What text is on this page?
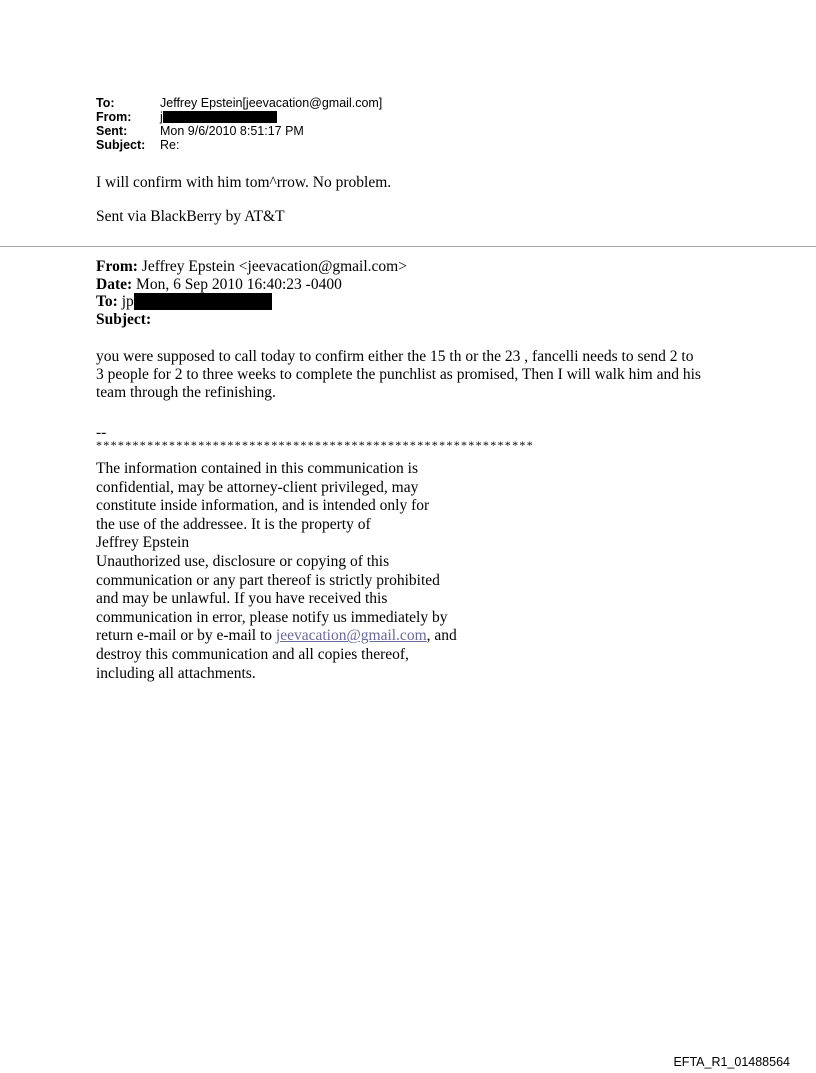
To:	Jeffrey Epstein[jeevacation@gmail.com]
From:	j
Sent:	Mon 9/6/2010 8:51:17 PM
Subject:	Re:

I will confirm with him tom^rrow. No problem.

Sent via BlackBerry by AT&T

From: Jeffrey Epstein <jeevacation@gmail.com>
Date: Mon, 6 Sep 2010 16:40:23 -0400
To: jp
Subject:
you were supposed to call today to confirm either the 15 th or the 23 , fancelli needs to send 2 to
3 people for 2 to three weeks to complete the punchlist as promised, Then I will walk him and his
team through the refinishing.
--
************************************************************
The information contained in this communication is
confidential, may be attorney-client privileged, may
constitute inside information, and is intended only for
the use of the addressee. It is the property of
Jeffrey Epstein
Unauthorized use, disclosure or copying of this
communication or any part thereof is strictly prohibited
and may be unlawful. If you have received this
communication in error, please notify us immediately by
return e-mail or by e-mail to jeevacation@gmail.com, and
destroy this communication and all copies thereof,
including all attachments.
EFTA_R1_01488564
